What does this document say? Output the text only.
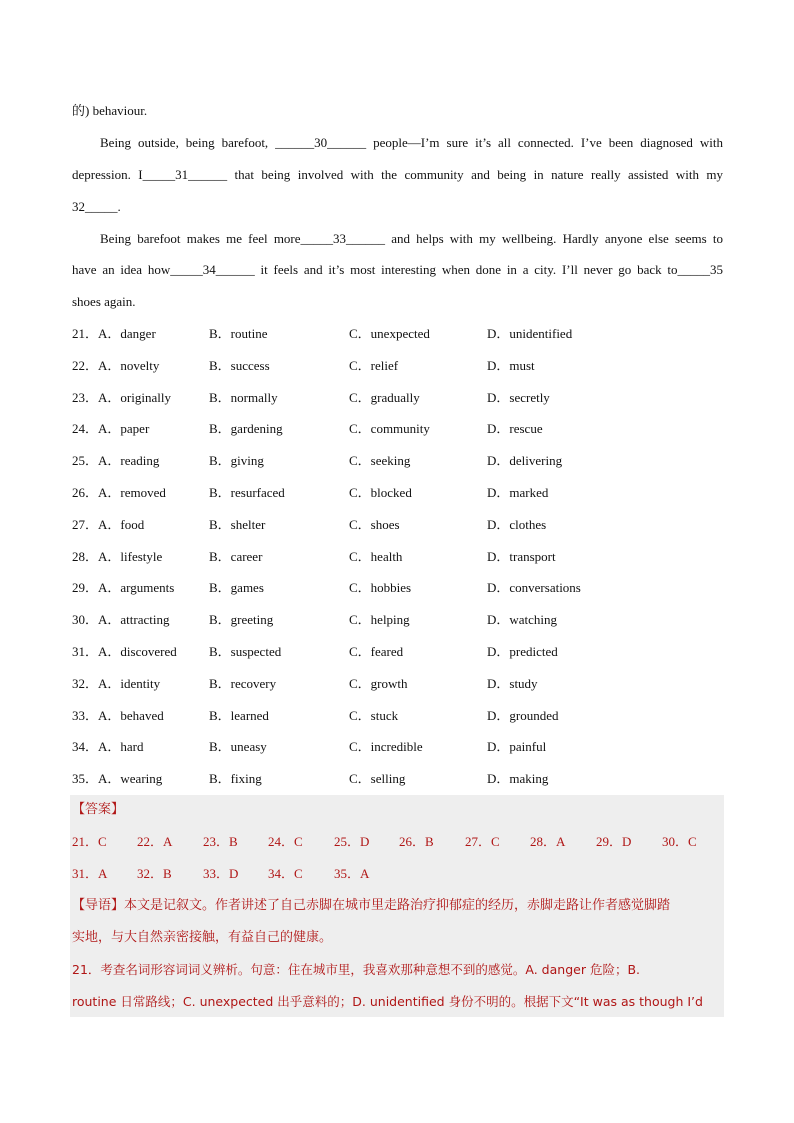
的) behaviour.
Being outside, being barefoot, ______30______ people—I’m sure it’s all connected. I’ve been diagnosed with
depression. I_____31______ that being involved with the community and being in nature really assisted with my
32_____.
Being barefoot makes me feel more_____33______ and helps with my wellbeing. Hardly anyone else seems to
have an idea how_____34______ it feels and it’s most interesting when done in a city. I’ll never go back to_____35
shoes again.
21．A．danger	B．routine	C．unexpected	D．unidentified
22．A．novelty	B．success	C．relief	D．must
23．A．originally	B．normally	C．gradually	D．secretly
24．A．paper	B．gardening	C．community	D．rescue
25．A．reading	B．giving	C．seeking	D．delivering
26．A．removed	B．resurfaced	C．blocked	D．marked
27．A．food	B．shelter	C．shoes	D．clothes
28．A．lifestyle	B．career	C．health	D．transport
29．A．arguments	B．games	C．hobbies	D．conversations
30．A．attracting	B．greeting	C．helping	D．watching
31．A．discovered B．suspected	C．feared	D．predicted
32．A．identity	B．recovery	C．growth	D．study
33．A．behaved	B．learned	C．stuck	D．grounded
34．A．hard	B．uneasy	C．incredible	D．painful
35．A．wearing	B．fixing	C．selling	D．making
【答案】
21．C 22．A 23．B 24．C 25．D 26．B 27．C 28．A 29．D 30．C
31．A 32．B 33．D 34．C 35．A
【导语】本文是记叙文。作者讲述了自己赤脚在城市里走路治疗抑郁症的经历，赤脚走路让作者感觉脚踏
实地，与大自然亲密接触，有益自己的健康。
21．考查名词形容词词义辨析。句意：住在城市里，我喜欢那种意想不到的感觉。A. danger 危险；B.
routine 日常路线；C. unexpected 出乎意料的；D. unidentified 身份不明的。根据下文“It was as though I’d
